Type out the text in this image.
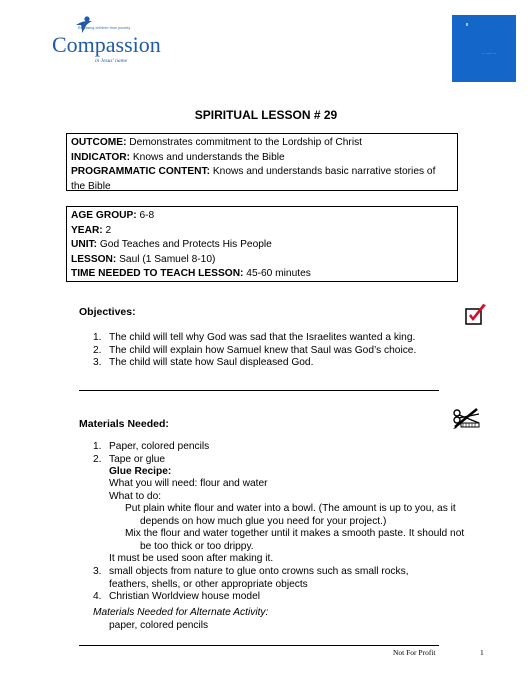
Releasing children from poverty
Compassion
in Jesus' name
~ ~~~ ~
SPIRITUAL LESSON # 29
OUTCOME: Demonstrates commitment to the Lordship of Christ
INDICATOR: Knows and understands the Bible
PROGRAMMATIC CONTENT: Knows and understands basic narrative stories of
the Bible
AGE GROUP: 6-8
YEAR: 2
UNIT: God Teaches and Protects His People
LESSON: Saul (1 Samuel 8-10)
TIME NEEDED TO TEACH LESSON: 45-60 minutes
Objectives:
1. The child will tell why God was sad that the Israelites wanted a king.
2. The child will explain how Samuel knew that Saul was God’s choice.
3. The child will state how Saul displeased God.
Materials Needed:
1. Paper, colored pencils
2. Tape or glue
Glue Recipe:
What you will need: flour and water
What to do:
Put plain white flour and water into a bowl. (The amount is up to you, as it
depends on how much glue you need for your project.)
Mix the flour and water together until it makes a smooth paste. It should not
be too thick or too drippy.
It must be used soon after making it.
3. small objects from nature to glue onto crowns such as small rocks,
feathers, shells, or other appropriate objects
4. Christian Worldview house model
Materials Needed for Alternate Activity:
paper, colored pencils
Not For Profit	1
